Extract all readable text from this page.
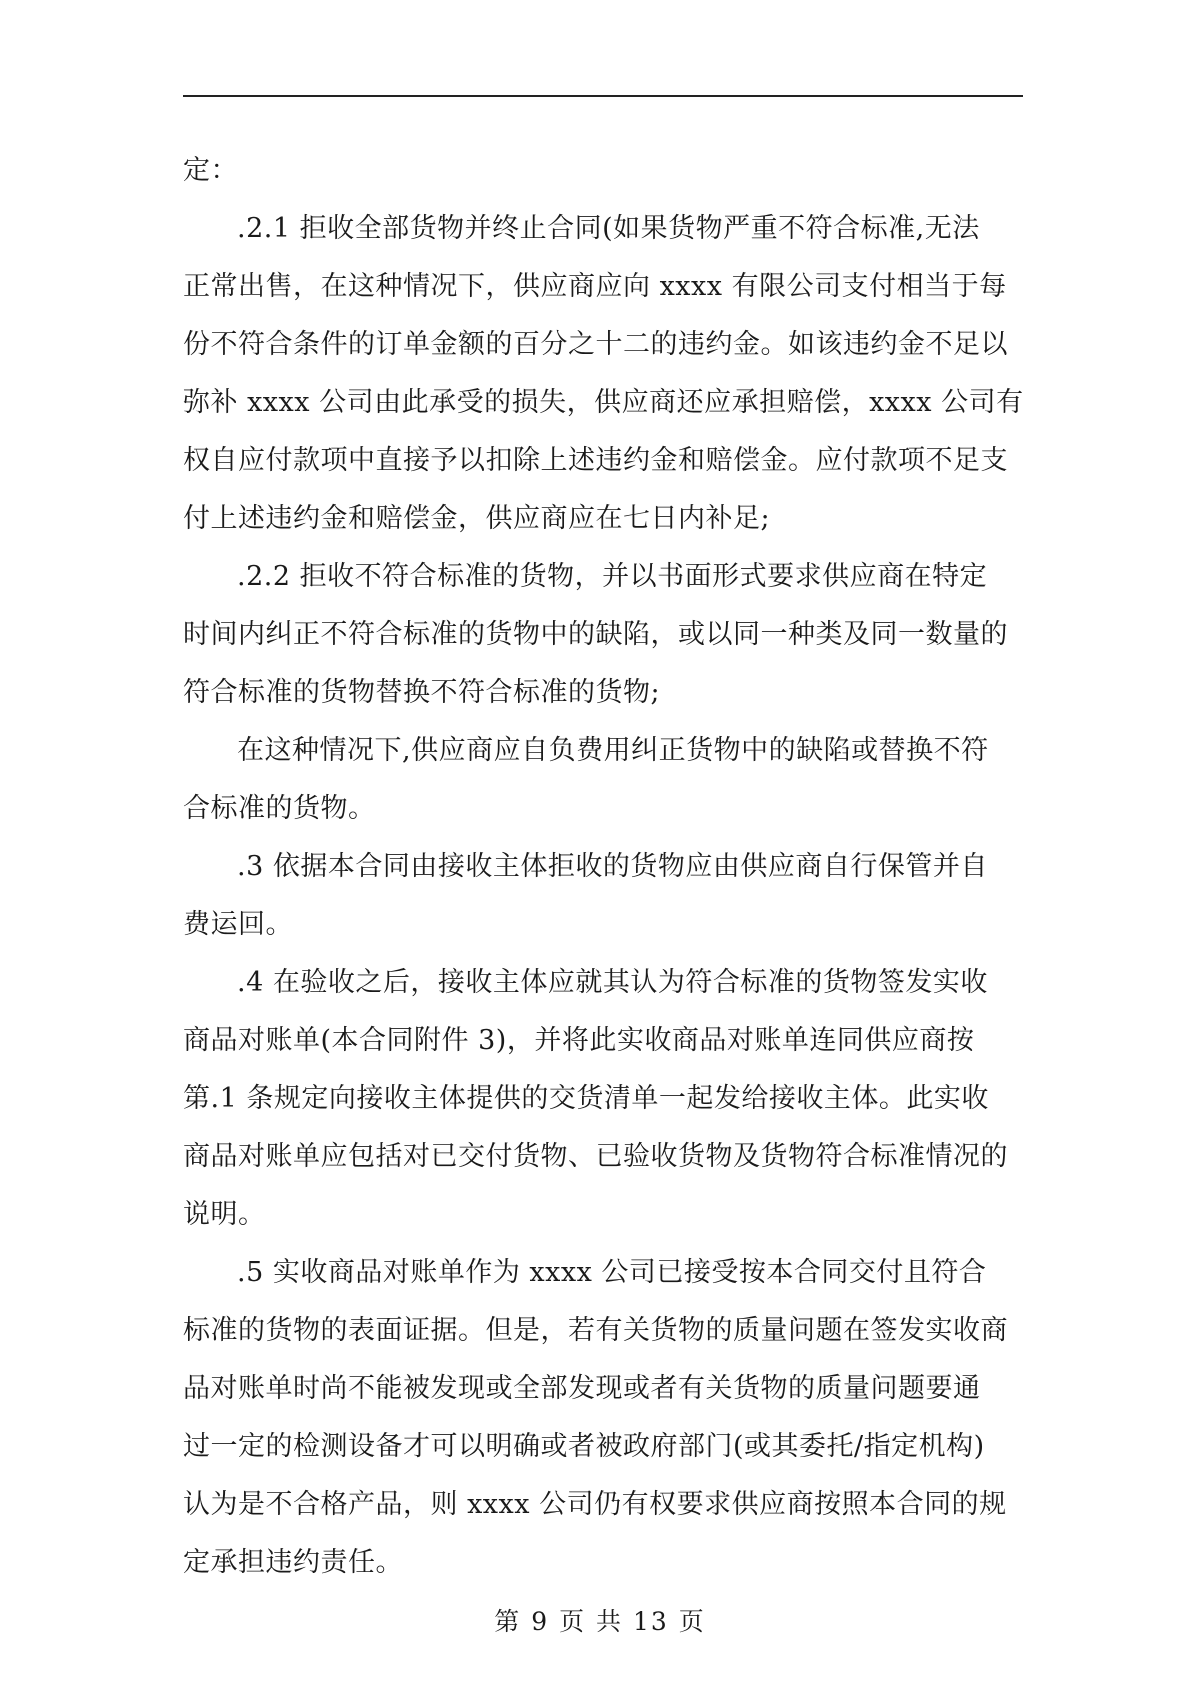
定：
.2.1 拒收全部货物并终止合同(如果货物严重不符合标准,无法
正常出售，在这种情况下，供应商应向 xxxx 有限公司支付相当于每
份不符合条件的订单金额的百分之十二的违约金。如该违约金不足以
弥补 xxxx 公司由此承受的损失，供应商还应承担赔偿，xxxx 公司有
权自应付款项中直接予以扣除上述违约金和赔偿金。应付款项不足支
付上述违约金和赔偿金，供应商应在七日内补足;
.2.2 拒收不符合标准的货物，并以书面形式要求供应商在特定
时间内纠正不符合标准的货物中的缺陷，或以同一种类及同一数量的
符合标准的货物替换不符合标准的货物;
在这种情况下,供应商应自负费用纠正货物中的缺陷或替换不符
合标准的货物。
.3 依据本合同由接收主体拒收的货物应由供应商自行保管并自
费运回。
.4 在验收之后，接收主体应就其认为符合标准的货物签发实收
商品对账单(本合同附件 3)，并将此实收商品对账单连同供应商按
第.1 条规定向接收主体提供的交货清单一起发给接收主体。此实收
商品对账单应包括对已交付货物、已验收货物及货物符合标准情况的
说明。
.5 实收商品对账单作为 xxxx 公司已接受按本合同交付且符合
标准的货物的表面证据。但是，若有关货物的质量问题在签发实收商
品对账单时尚不能被发现或全部发现或者有关货物的质量问题要通
过一定的检测设备才可以明确或者被政府部门(或其委托/指定机构)
认为是不合格产品，则 xxxx 公司仍有权要求供应商按照本合同的规
定承担违约责任。
第 9 页 共 13 页
